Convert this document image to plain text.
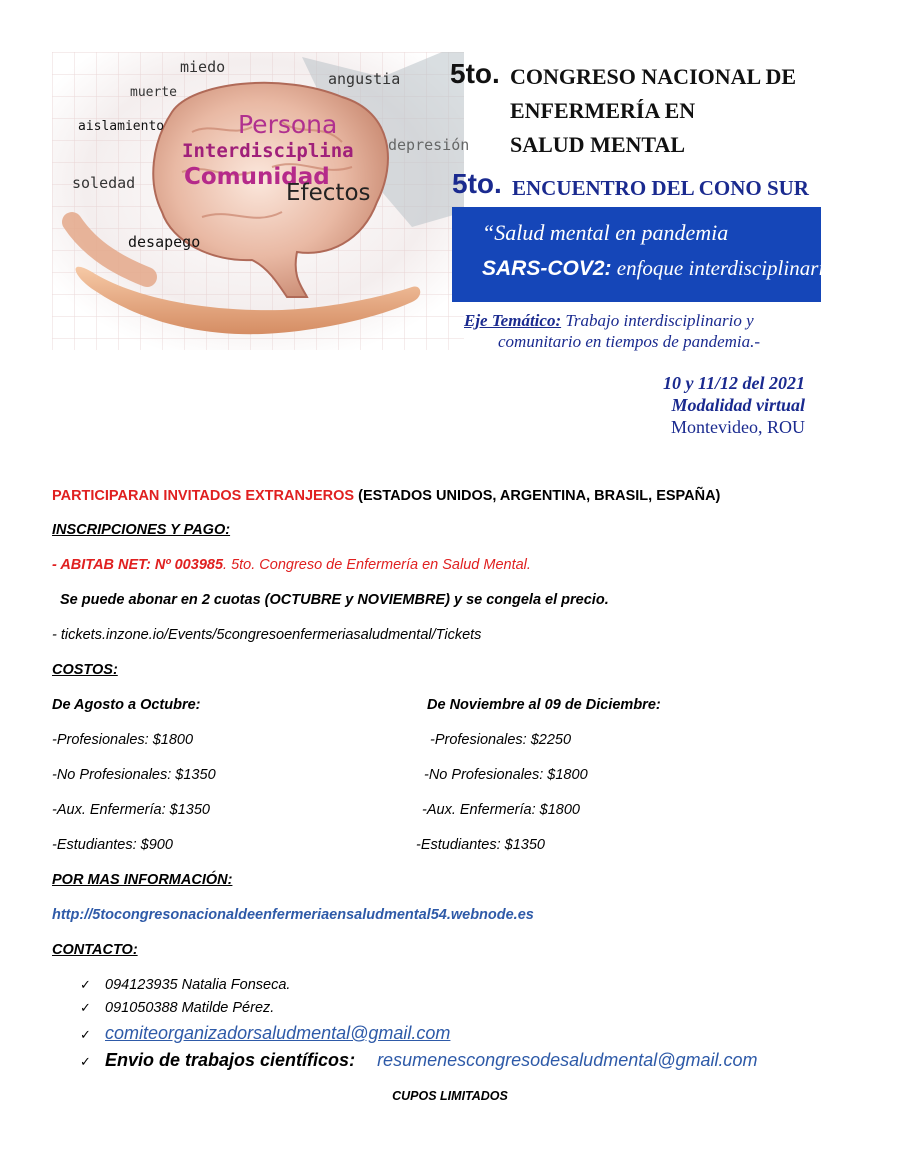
miedo
angustia
muerte
aislamiento
depresión
soledad
desapego
Persona
Interdisciplina
Comunidad
Efectos
5to. CONGRESO NACIONAL DE
ENFERMERÍA EN
SALUD MENTAL
5to. ENCUENTRO DEL CONO SUR
“Salud mental en pandemia
SARS-COV2: enfoque interdisciplinario”
Eje Temático: Trabajo interdisciplinario y
comunitario en tiempos de pandemia.-
10 y 11/12 del 2021
Modalidad virtual
Montevideo, ROU
PARTICIPARAN INVITADOS EXTRANJEROS (ESTADOS UNIDOS, ARGENTINA, BRASIL, ESPAÑA)
INSCRIPCIONES Y PAGO:
- ABITAB NET: Nº 003985. 5to. Congreso de Enfermería en Salud Mental.
Se puede abonar en 2 cuotas (OCTUBRE y NOVIEMBRE) y se congela el precio.
- tickets.inzone.io/Events/5congresoenfermeriasaludmental/Tickets
COSTOS:
De Agosto a Octubre:	De Noviembre al 09 de Diciembre:
-Profesionales: $1800	-Profesionales: $2250
-No Profesionales: $1350	-No Profesionales: $1800
-Aux. Enfermería: $1350	-Aux. Enfermería: $1800
-Estudiantes: $900	-Estudiantes: $1350
POR MAS INFORMACIÓN:
http://5tocongresonacionaldeenfermeriaensaludmental54.webnode.es
CONTACTO:
✓ 094123935 Natalia Fonseca.
✓ 091050388 Matilde Pérez.
✓ comiteorganizadorsaludmental@gmail.com
✓ Envio de trabajos científicos: resumenescongresodesaludmental@gmail.com
CUPOS LIMITADOS
